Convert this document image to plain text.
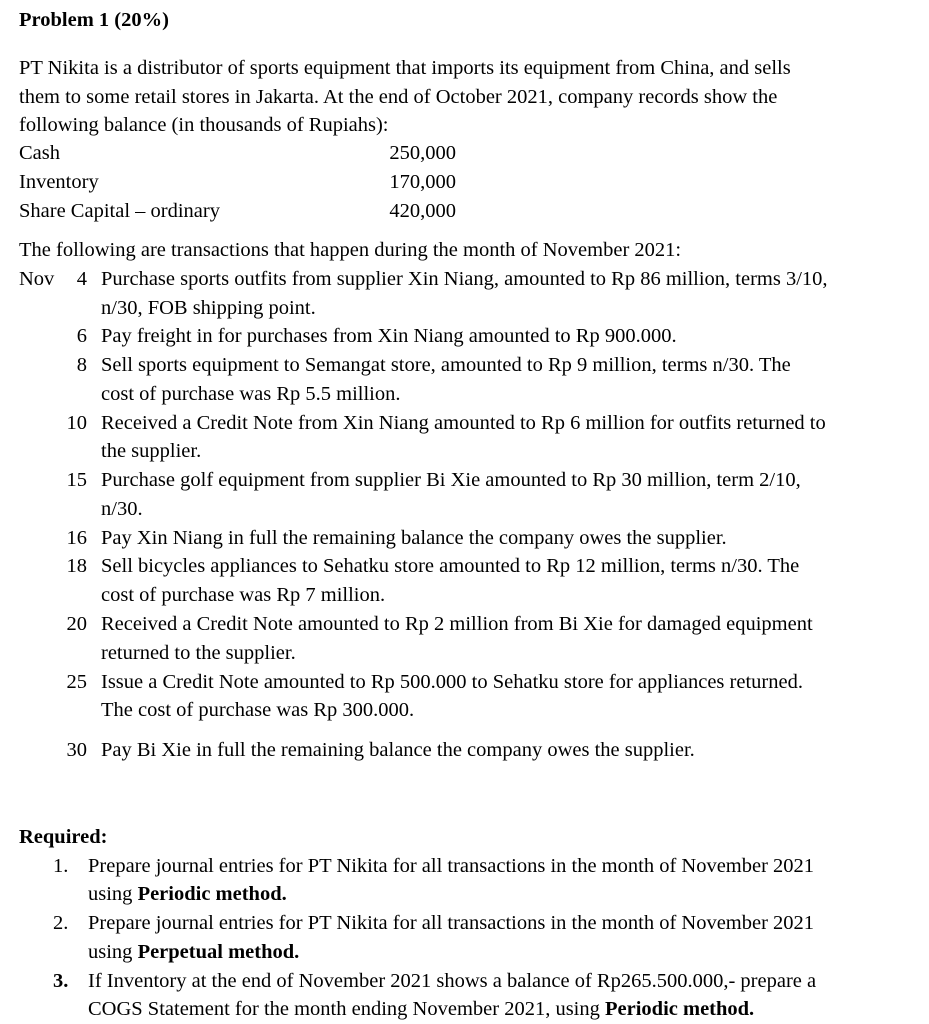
Problem 1 (20%)
PT Nikita is a distributor of sports equipment that imports its equipment from China, and sells
them to some retail stores in Jakarta. At the end of October 2021, company records show the
following balance (in thousands of Rupiahs):
Cash	250,000
Inventory	170,000
Share Capital – ordinary	420,000
The following are transactions that happen during the month of November 2021:
Nov	4 Purchase sports outfits from supplier Xin Niang, amounted to Rp 86 million, terms 3/10,
n/30, FOB shipping point.
6 Pay freight in for purchases from Xin Niang amounted to Rp 900.000.
8 Sell sports equipment to Semangat store, amounted to Rp 9 million, terms n/30. The
cost of purchase was Rp 5.5 million.
10 Received a Credit Note from Xin Niang amounted to Rp 6 million for outfits returned to
the supplier.
15 Purchase golf equipment from supplier Bi Xie amounted to Rp 30 million, term 2/10,
n/30.
16 Pay Xin Niang in full the remaining balance the company owes the supplier.
18 Sell bicycles appliances to Sehatku store amounted to Rp 12 million, terms n/30. The
cost of purchase was Rp 7 million.
20 Received a Credit Note amounted to Rp 2 million from Bi Xie for damaged equipment
returned to the supplier.
25 Issue a Credit Note amounted to Rp 500.000 to Sehatku store for appliances returned.
The cost of purchase was Rp 300.000.
30 Pay Bi Xie in full the remaining balance the company owes the supplier.
Required:
1. Prepare journal entries for PT Nikita for all transactions in the month of November 2021
using Periodic method.
2. Prepare journal entries for PT Nikita for all transactions in the month of November 2021
using Perpetual method.
3. If Inventory at the end of November 2021 shows a balance of Rp265.500.000,- prepare a
COGS Statement for the month ending November 2021, using Periodic method.
